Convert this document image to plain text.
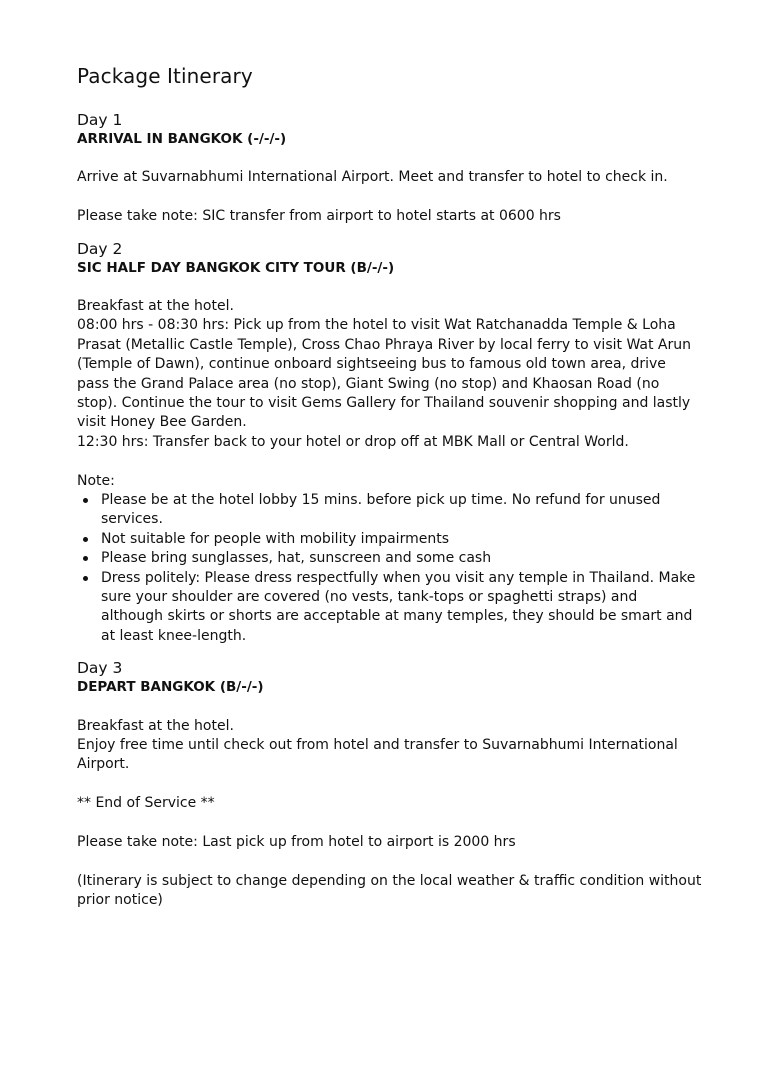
Package Itinerary
Day 1
ARRIVAL IN BANGKOK (-/-/-)

Arrive at Suvarnabhumi International Airport. Meet and transfer to hotel to check in.

Please take note: SIC transfer from airport to hotel starts at 0600 hrs

Day 2
SIC HALF DAY BANGKOK CITY TOUR (B/-/-)

Breakfast at the hotel.

08:00 hrs - 08:30 hrs: Pick up from the hotel to visit Wat Ratchanadda Temple & Loha Prasat (Metallic Castle Temple), Cross Chao Phraya River by local ferry to visit Wat Arun (Temple of Dawn), continue onboard sightseeing bus to famous old town area, drive pass the Grand Palace area (no stop), Giant Swing (no stop) and Khaosan Road (no stop). Continue the tour to visit Gems Gallery for Thailand souvenir shopping and lastly visit Honey Bee Garden.

12:30 hrs: Transfer back to your hotel or drop off at MBK Mall or Central World.

Note:

Please be at the hotel lobby 15 mins. before pick up time. No refund for unused services.
Not suitable for people with mobility impairments
Please bring sunglasses, hat, sunscreen and some cash
Dress politely: Please dress respectfully when you visit any temple in Thailand. Make sure your shoulder are covered (no vests, tank-tops or spaghetti straps) and although skirts or shorts are acceptable at many temples, they should be smart and at least knee-length.
Day 3
DEPART BANGKOK (B/-/-)

Breakfast at the hotel.

Enjoy free time until check out from hotel and transfer to Suvarnabhumi International Airport.

** End of Service **

Please take note: Last pick up from hotel to airport is 2000 hrs

(Itinerary is subject to change depending on the local weather & traffic condition without prior notice)
